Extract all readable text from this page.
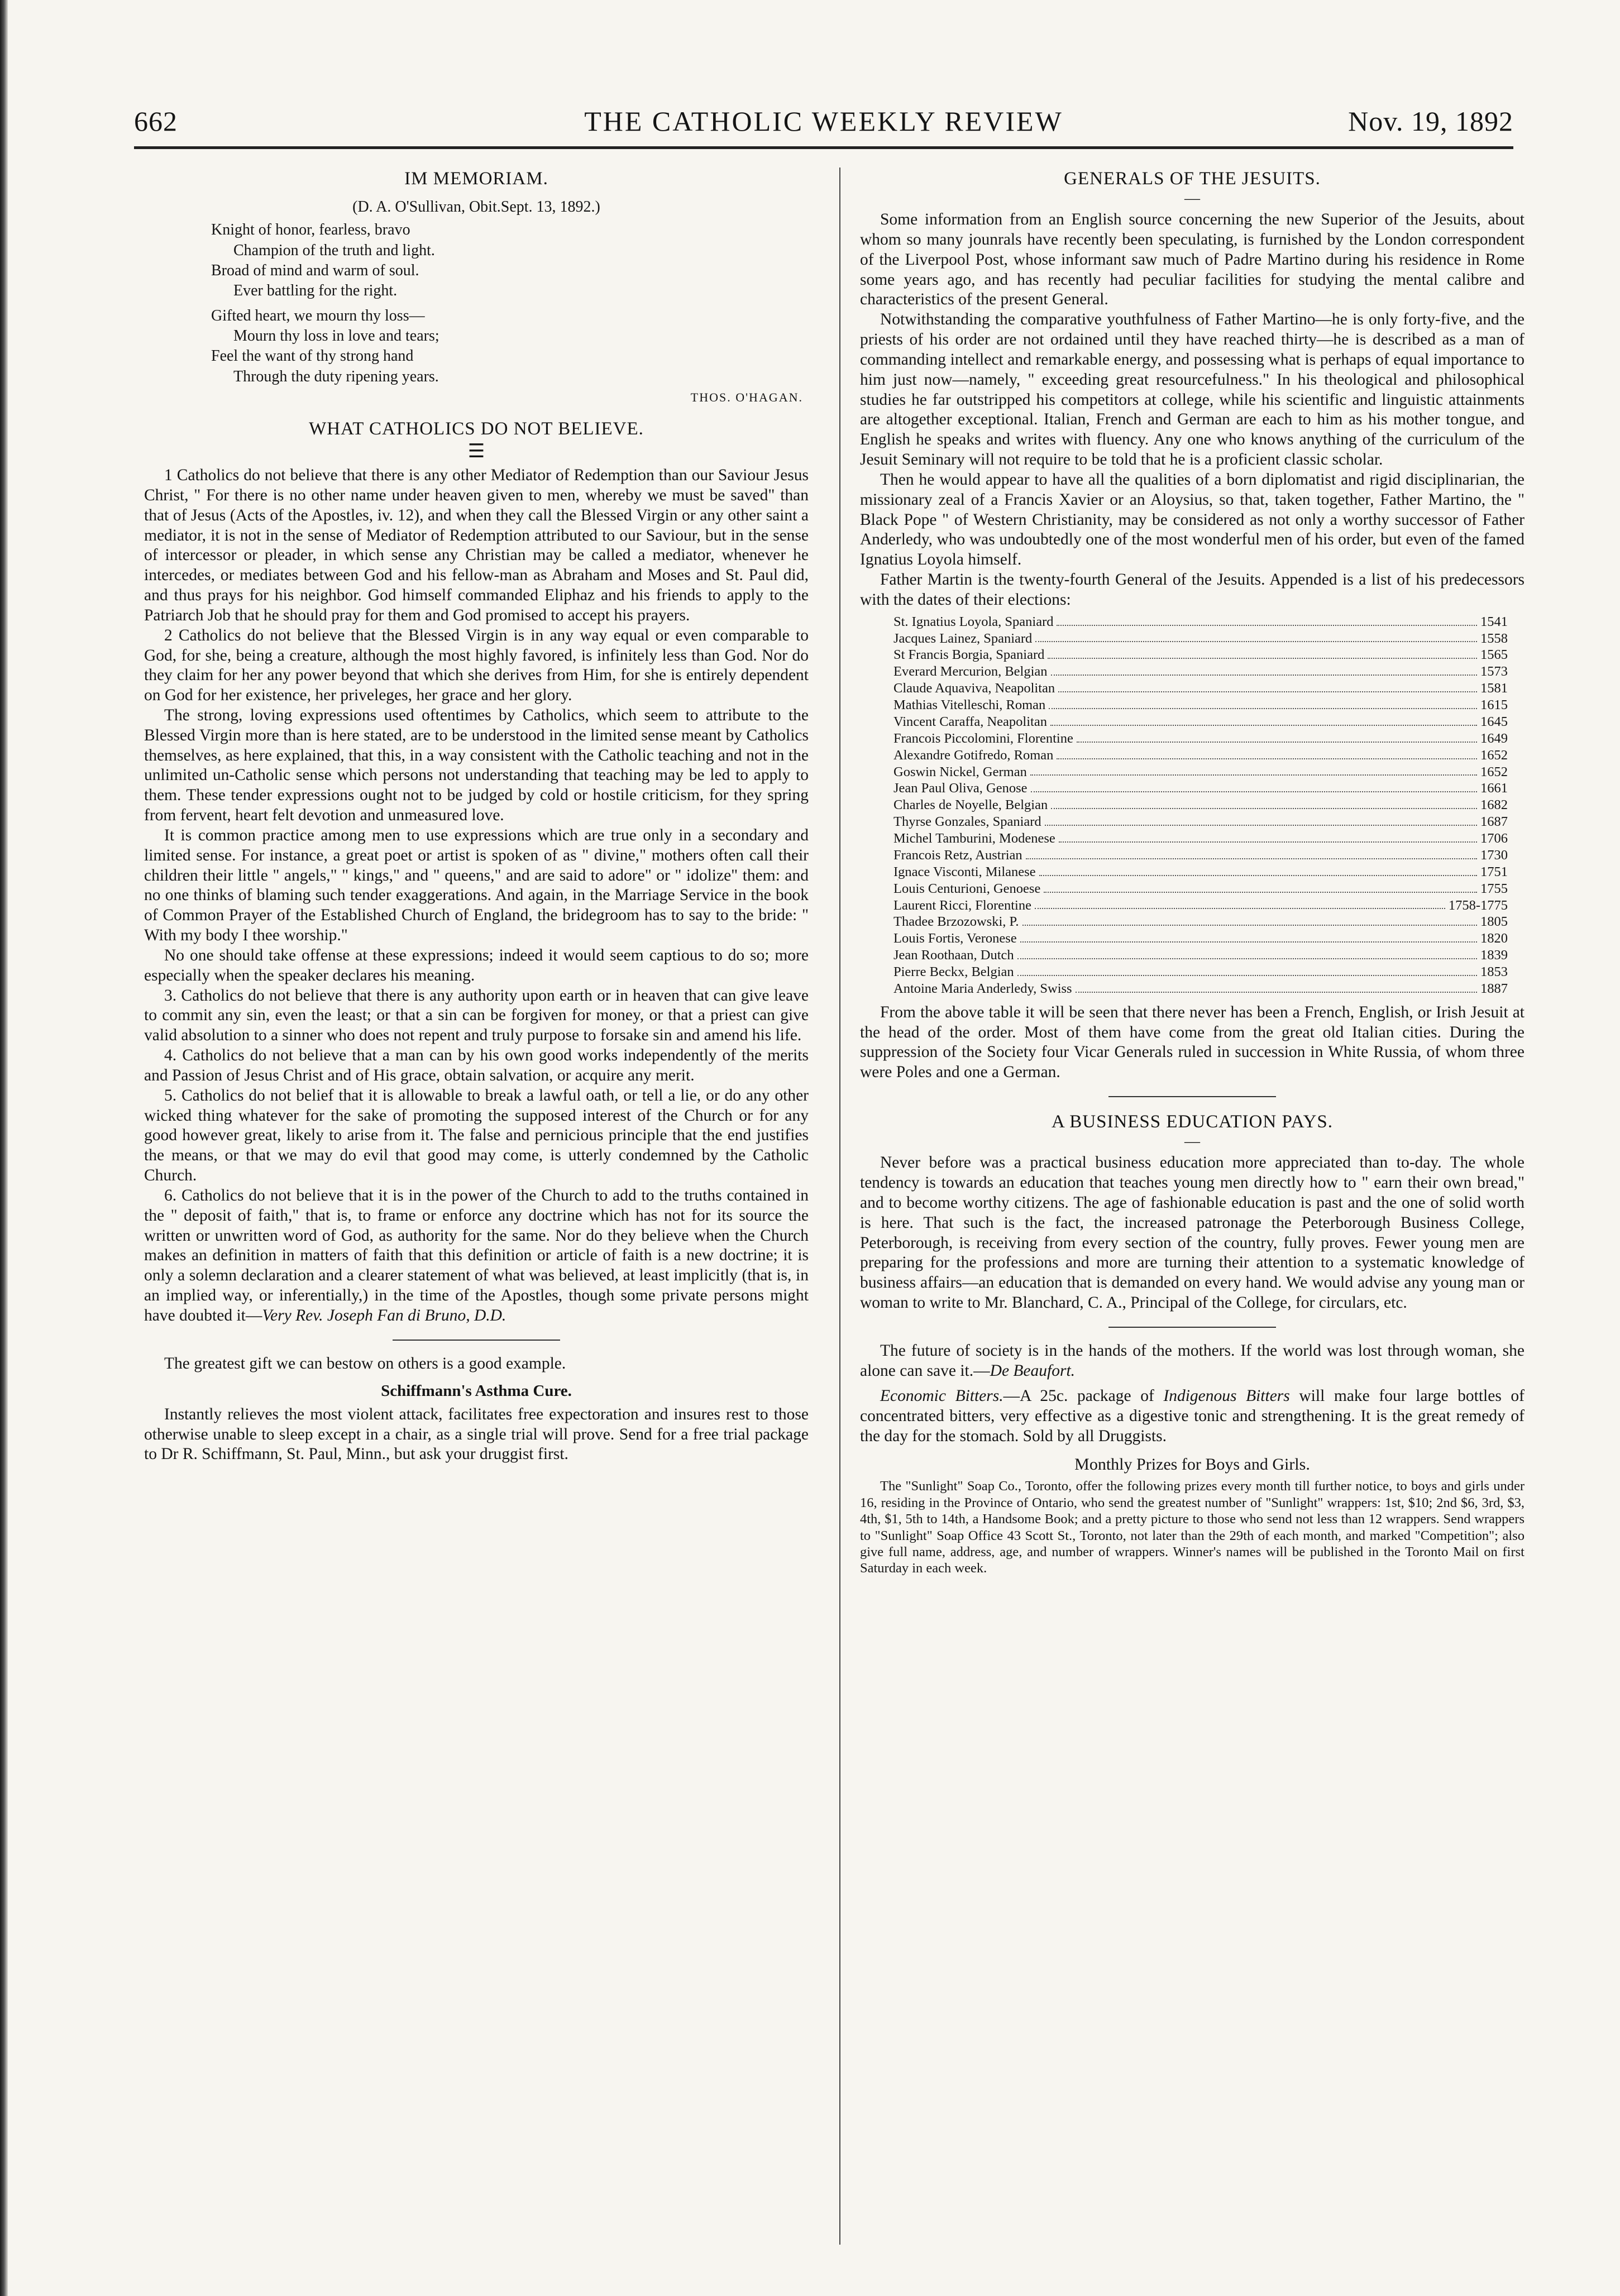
662	THE CATHOLIC WEEKLY REVIEW	Nov. 19, 1892
IM MEMORIAM.

(D. A. O'Sullivan, Obit.Sept. 13, 1892.)

Knight of honor, fearless, bravo
Champion of the truth and light.
Broad of mind and warm of soul.
Ever battling for the right.
Gifted heart, we mourn thy loss—
Mourn thy loss in love and tears;
Feel the want of thy strong hand
Through the duty ripening years.
THOS. O'HAGAN.
WHAT CATHOLICS DO NOT BELIEVE.
☰

1 Catholics do not believe that there is any other Mediator of Redemption than our Saviour Jesus Christ, " For there is no other name under heaven given to men, whereby we must be saved" than that of Jesus (Acts of the Apostles, iv. 12), and when they call the Blessed Virgin or any other saint a mediator, it is not in the sense of Mediator of Redemption attributed to our Saviour, but in the sense of intercessor or pleader, in which sense any Christian may be called a mediator, whenever he intercedes, or mediates between God and his fellow-man as Abraham and Moses and St. Paul did, and thus prays for his neighbor. God himself commanded Eliphaz and his friends to apply to the Patriarch Job that he should pray for them and God promised to accept his prayers.

2 Catholics do not believe that the Blessed Virgin is in any way equal or even comparable to God, for she, being a creature, although the most highly favored, is infinitely less than God. Nor do they claim for her any power beyond that which she derives from Him, for she is entirely dependent on God for her existence, her priveleges, her grace and her glory.

The strong, loving expressions used oftentimes by Catholics, which seem to attribute to the Blessed Virgin more than is here stated, are to be understood in the limited sense meant by Catholics themselves, as here explained, that this, in a way consistent with the Catholic teaching and not in the unlimited un-Catholic sense which persons not understanding that teaching may be led to apply to them. These tender expressions ought not to be judged by cold or hostile criticism, for they spring from fervent, heart felt devotion and unmeasured love.

It is common practice among men to use expressions which are true only in a secondary and limited sense. For instance, a great poet or artist is spoken of as " divine," mothers often call their children their little " angels," " kings," and " queens," and are said to adore" or " idolize" them: and no one thinks of blaming such tender exaggerations. And again, in the Marriage Service in the book of Common Prayer of the Established Church of England, the bridegroom has to say to the bride: " With my body I thee worship."

No one should take offense at these expressions; indeed it would seem captious to do so; more especially when the speaker declares his meaning.

3. Catholics do not believe that there is any authority upon earth or in heaven that can give leave to commit any sin, even the least; or that a sin can be forgiven for money, or that a priest can give valid absolution to a sinner who does not repent and truly purpose to forsake sin and amend his life.

4. Catholics do not believe that a man can by his own good works independently of the merits and Passion of Jesus Christ and of His grace, obtain salvation, or acquire any merit.

5. Catholics do not belief that it is allowable to break a lawful oath, or tell a lie, or do any other wicked thing whatever for the sake of promoting the supposed interest of the Church or for any good however great, likely to arise from it. The false and pernicious principle that the end justifies the means, or that we may do evil that good may come, is utterly condemned by the Catholic Church.

6. Catholics do not believe that it is in the power of the Church to add to the truths contained in the " deposit of faith," that is, to frame or enforce any doctrine which has not for its source the written or unwritten word of God, as authority for the same. Nor do they believe when the Church makes an definition in matters of faith that this definition or article of faith is a new doctrine; it is only a solemn declaration and a clearer statement of what was believed, at least implicitly (that is, in an implied way, or inferentially,) in the time of the Apostles, though some private persons might have doubted it—Very Rev. Joseph Fan di Bruno, D.D.

The greatest gift we can bestow on others is a good example.

Schiffmann's Asthma Cure.

Instantly relieves the most violent attack, facilitates free expectoration and insures rest to those otherwise unable to sleep except in a chair, as a single trial will prove. Send for a free trial package to Dr R. Schiffmann, St. Paul, Minn., but ask your druggist first.

GENERALS OF THE JESUITS.
—

Some information from an English source concerning the new Superior of the Jesuits, about whom so many jounrals have recently been speculating, is furnished by the London correspondent of the Liverpool Post, whose informant saw much of Padre Martino during his residence in Rome some years ago, and has recently had peculiar facilities for studying the mental calibre and characteristics of the present General.

Notwithstanding the comparative youthfulness of Father Martino—he is only forty-five, and the priests of his order are not ordained until they have reached thirty—he is described as a man of commanding intellect and remarkable energy, and possessing what is perhaps of equal importance to him just now—namely, " exceeding great resourcefulness." In his theological and philosophical studies he far outstripped his competitors at college, while his scientific and linguistic attainments are altogether exceptional. Italian, French and German are each to him as his mother tongue, and English he speaks and writes with fluency. Any one who knows anything of the curriculum of the Jesuit Seminary will not require to be told that he is a proficient classic scholar.

Then he would appear to have all the qualities of a born diplomatist and rigid disciplinarian, the missionary zeal of a Francis Xavier or an Aloysius, so that, taken together, Father Martino, the " Black Pope " of Western Christianity, may be considered as not only a worthy successor of Father Anderledy, who was undoubtedly one of the most wonderful men of his order, but even of the famed Ignatius Loyola himself.

Father Martin is the twenty-fourth General of the Jesuits. Appended is a list of his predecessors with the dates of their elections:

St. Ignatius Loyola, Spaniard	1541
Jacques Lainez, Spaniard	1558
St Francis Borgia, Spaniard	1565
Everard Mercurion, Belgian	1573
Claude Aquaviva, Neapolitan	1581
Mathias Vitelleschi, Roman	1615
Vincent Caraffa, Neapolitan	1645
Francois Piccolomini, Florentine	1649
Alexandre Gotifredo, Roman	1652
Goswin Nickel, German	1652
Jean Paul Oliva, Genose	1661
Charles de Noyelle, Belgian	1682
Thyrse Gonzales, Spaniard	1687
Michel Tamburini, Modenese	1706
Francois Retz, Austrian	1730
Ignace Visconti, Milanese	1751
Louis Centurioni, Genoese	1755
Laurent Ricci, Florentine	1758-1775
Thadee Brzozowski, P.	1805
Louis Fortis, Veronese	1820
Jean Roothaan, Dutch	1839
Pierre Beckx, Belgian	1853
Antoine Maria Anderledy, Swiss	1887

From the above table it will be seen that there never has been a French, English, or Irish Jesuit at the head of the order. Most of them have come from the great old Italian cities. During the suppression of the Society four Vicar Generals ruled in succession in White Russia, of whom three were Poles and one a German.

A BUSINESS EDUCATION PAYS.
—

Never before was a practical business education more appreciated than to-day. The whole tendency is towards an education that teaches young men directly how to " earn their own bread," and to become worthy citizens. The age of fashionable education is past and the one of solid worth is here. That such is the fact, the increased patronage the Peterborough Business College, Peterborough, is receiving from every section of the country, fully proves. Fewer young men are preparing for the professions and more are turning their attention to a systematic knowledge of business affairs—an education that is demanded on every hand. We would advise any young man or woman to write to Mr. Blanchard, C. A., Principal of the College, for circulars, etc.

The future of society is in the hands of the mothers. If the world was lost through woman, she alone can save it.—De Beaufort.

Economic Bitters.—A 25c. package of Indigenous Bitters will make four large bottles of concentrated bitters, very effective as a digestive tonic and strengthening. It is the great remedy of the day for the stomach. Sold by all Druggists.

Monthly Prizes for Boys and Girls.

The "Sunlight" Soap Co., Toronto, offer the following prizes every month till further notice, to boys and girls under 16, residing in the Province of Ontario, who send the greatest number of "Sunlight" wrappers: 1st, $10; 2nd $6, 3rd, $3, 4th, $1, 5th to 14th, a Handsome Book; and a pretty picture to those who send not less than 12 wrappers. Send wrappers to "Sunlight" Soap Office 43 Scott St., Toronto, not later than the 29th of each month, and marked "Competition"; also give full name, address, age, and number of wrappers. Winner's names will be published in the Toronto Mail on first Saturday in each week.
